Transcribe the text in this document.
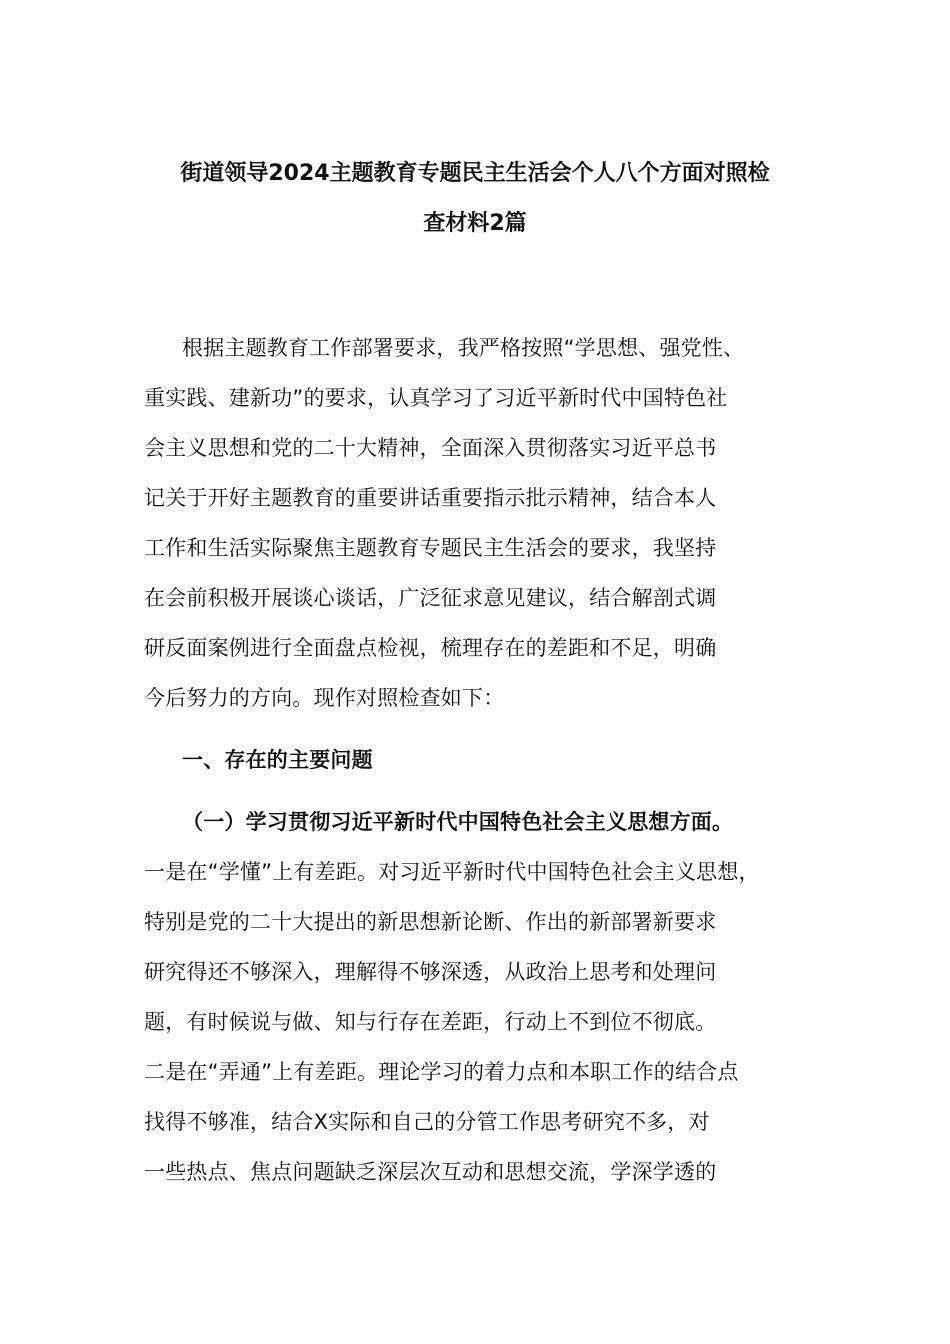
街道领导2024主题教育专题民主生活会个人八个方面对照检
查材料2篇
根据主题教育工作部署要求，我严格按照“学思想、强党性、
重实践、建新功”的要求，认真学习了习近平新时代中国特色社
会主义思想和党的二十大精神，全面深入贯彻落实习近平总书
记关于开好主题教育的重要讲话重要指示批示精神，结合本人
工作和生活实际聚焦主题教育专题民主生活会的要求，我坚持
在会前积极开展谈心谈话，广泛征求意见建议，结合解剖式调
研反面案例进行全面盘点检视，梳理存在的差距和不足，明确
今后努力的方向。现作对照检查如下：
一、存在的主要问题
（一）学习贯彻习近平新时代中国特色社会主义思想方面。
一是在“学懂”上有差距。对习近平新时代中国特色社会主义思想，
特别是党的二十大提出的新思想新论断、作出的新部署新要求
研究得还不够深入，理解得不够深透，从政治上思考和处理问
题，有时候说与做、知与行存在差距，行动上不到位不彻底。
二是在“弄通”上有差距。理论学习的着力点和本职工作的结合点
找得不够准，结合X实际和自己的分管工作思考研究不多，对
一些热点、焦点问题缺乏深层次互动和思想交流，学深学透的
